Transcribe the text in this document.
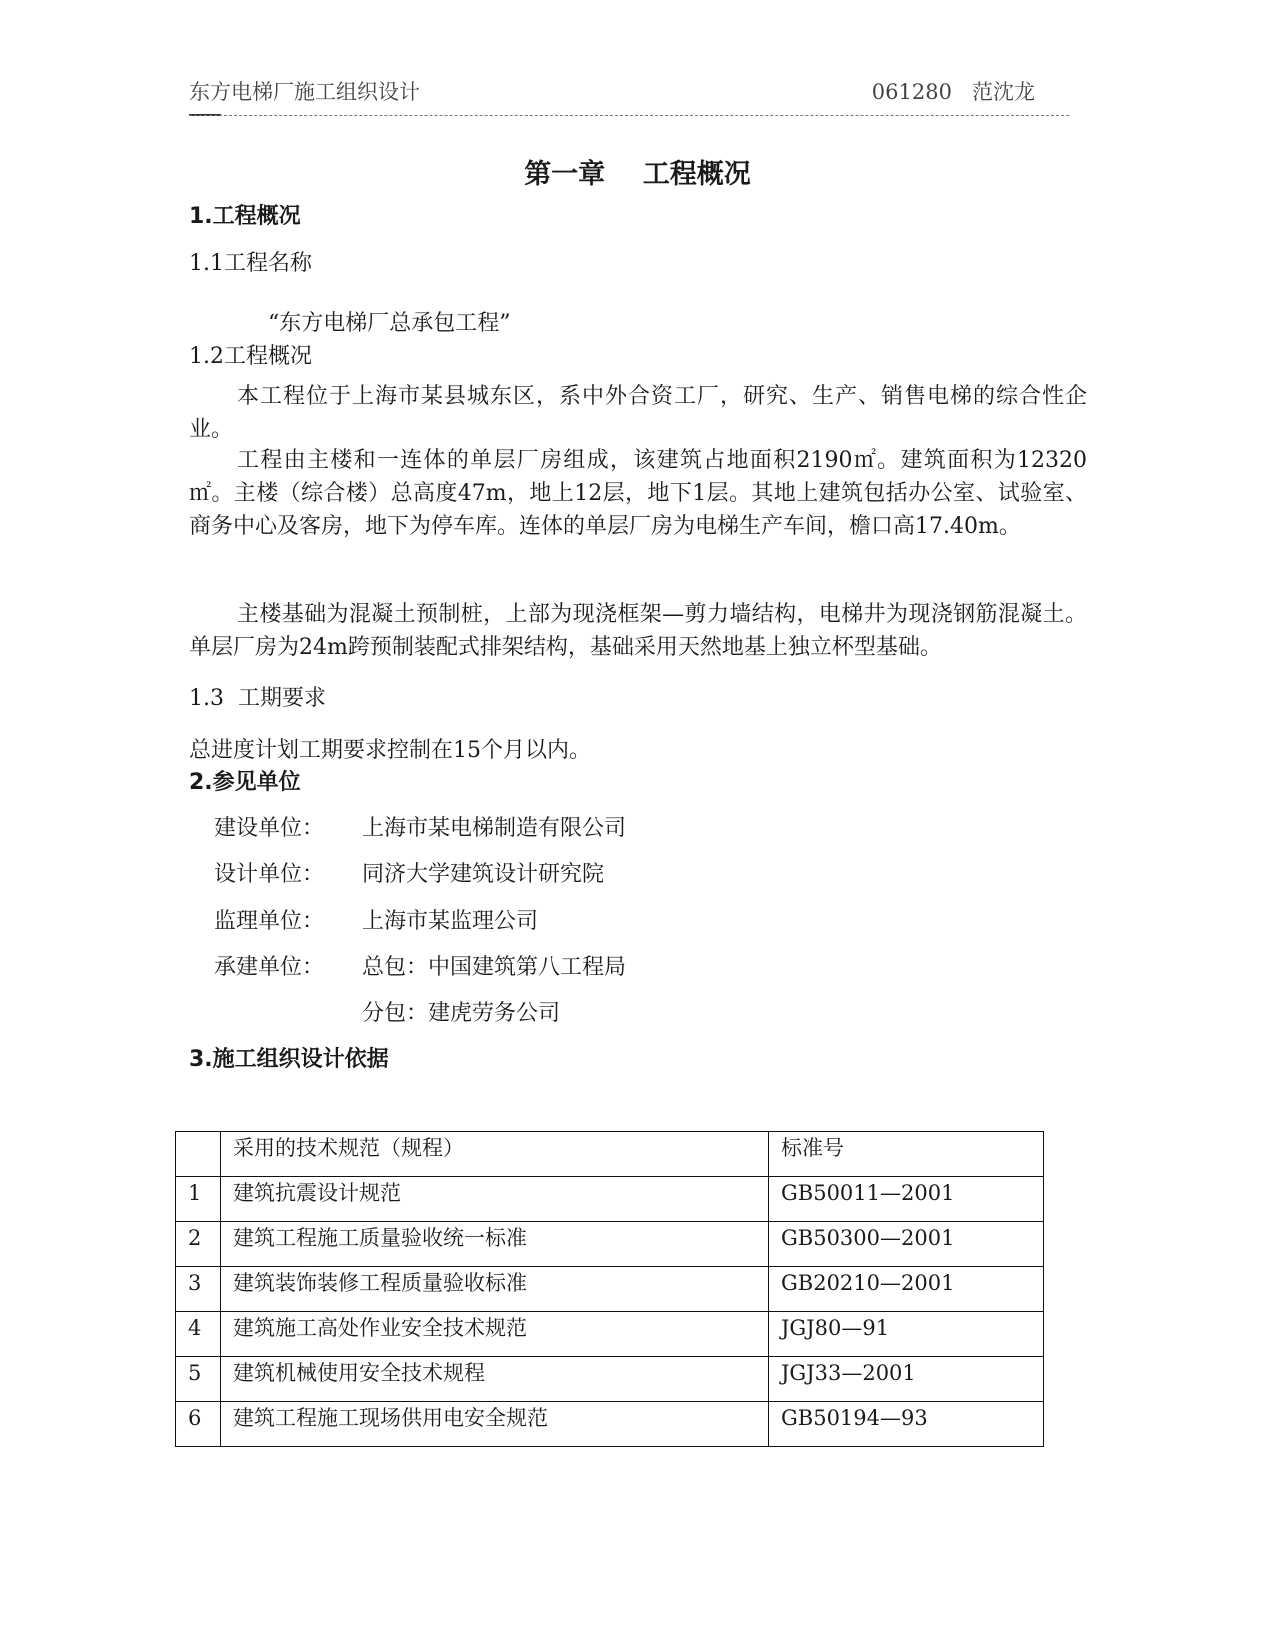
东方电梯厂施工组织设计	061280   范沈龙
第一章    工程概况
1.工程概况
1.1工程名称
“东方电梯厂总承包工程”
1.2工程概况
本工程位于上海市某县城东区，系中外合资工厂，研究、生产、销售电梯的综合性企业。
工程由主楼和一连体的单层厂房组成，该建筑占地面积2190㎡。建筑面积为12320㎡。主楼（综合楼）总高度47m，地上12层，地下1层。其地上建筑包括办公室、试验室、商务中心及客房，地下为停车库。连体的单层厂房为电梯生产车间，檐口高17.40m。
主楼基础为混凝土预制桩，上部为现浇框架—剪力墙结构，电梯井为现浇钢筋混凝土。单层厂房为24m跨预制装配式排架结构，基础采用天然地基上独立杯型基础。
1.3  工期要求
总进度计划工期要求控制在15个月以内。
2.参见单位
建设单位： 上海市某电梯制造有限公司
设计单位： 同济大学建筑设计研究院
监理单位： 上海市某监理公司
承建单位： 总包：中国建筑第八工程局
分包：建虎劳务公司
3.施工组织设计依据
	采用的技术规范（规程）	标准号
1	建筑抗震设计规范	GB50011—2001
2	建筑工程施工质量验收统一标准	GB50300—2001
3	建筑装饰装修工程质量验收标准	GB20210—2001
4	建筑施工高处作业安全技术规范	JGJ80—91
5	建筑机械使用安全技术规程	JGJ33—2001
6	建筑工程施工现场供用电安全规范	GB50194—93
